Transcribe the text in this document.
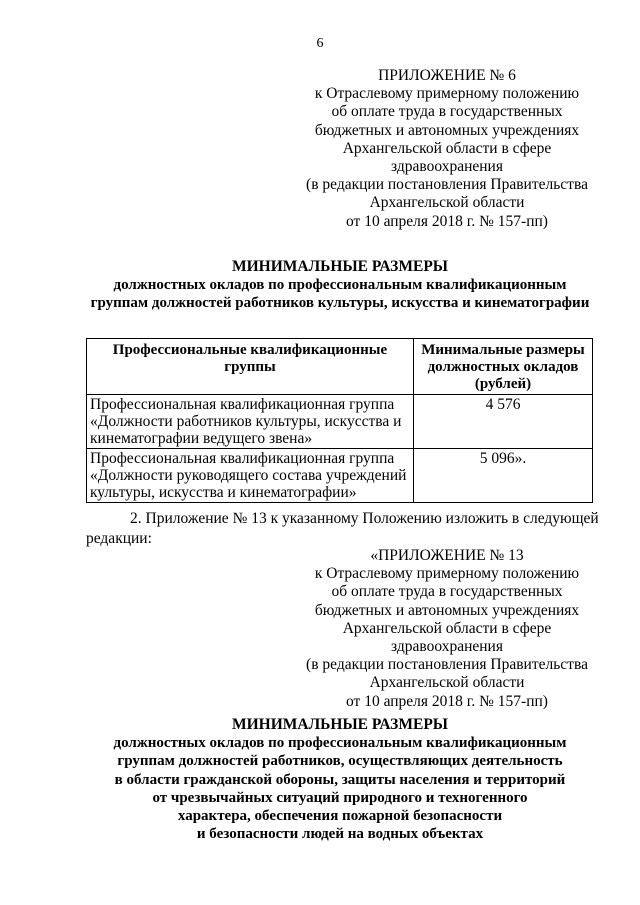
6
ПРИЛОЖЕНИЕ № 6
к Отраслевому примерному положению
об оплате труда в государственных
бюджетных и автономных учреждениях
Архангельской области в сфере
здравоохранения
(в редакции постановления Правительства
Архангельской области
от 10 апреля 2018 г. № 157-пп)
МИНИМАЛЬНЫЕ РАЗМЕРЫ
должностных окладов по профессиональным квалификационным
группам должностей работников культуры, искусства и кинематографии
Профессиональные квалификационные группы	Минимальные размеры должностных окладов (рублей)
Профессиональная квалификационная группа «Должности работников культуры, искусства и кинематографии ведущего звена»	4 576
Профессиональная квалификационная группа «Должности руководящего состава учреждений культуры, искусства и кинематографии»	5 096».
2. Приложение № 13 к указанному Положению изложить в следующей
редакции:
«ПРИЛОЖЕНИЕ № 13
к Отраслевому примерному положению
об оплате труда в государственных
бюджетных и автономных учреждениях
Архангельской области в сфере
здравоохранения
(в редакции постановления Правительства
Архангельской области
от 10 апреля 2018 г. № 157-пп)
МИНИМАЛЬНЫЕ РАЗМЕРЫ
должностных окладов по профессиональным квалификационным
группам должностей работников, осуществляющих деятельность
в области гражданской обороны, защиты населения и территорий
от чрезвычайных ситуаций природного и техногенного
характера, обеспечения пожарной безопасности
и безопасности людей на водных объектах
